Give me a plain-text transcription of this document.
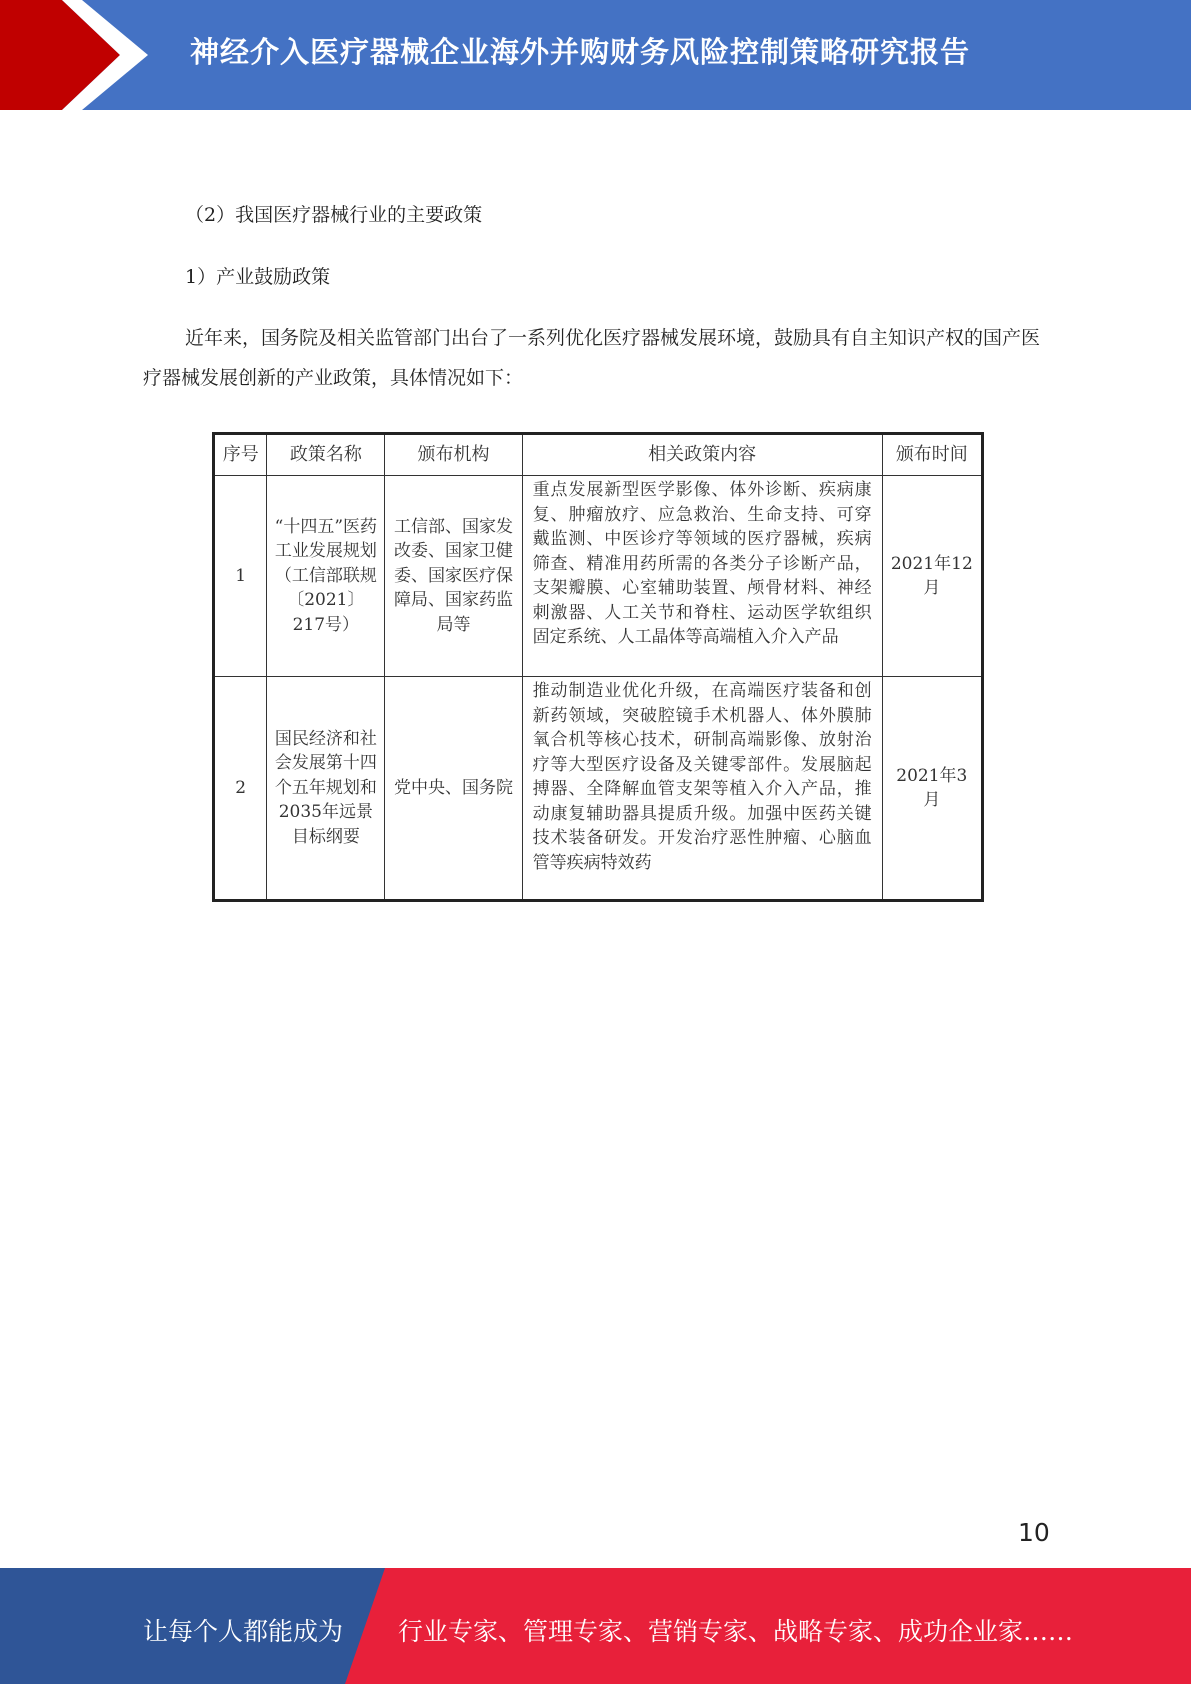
神经介入医疗器械企业海外并购财务风险控制策略研究报告
（2）我国医疗器械行业的主要政策
1）产业鼓励政策
近年来，国务院及相关监管部门出台了一系列优化医疗器械发展环境，鼓励具有自主知识产权的国产医疗器械发展创新的产业政策，具体情况如下：
序号	政策名称	颁布机构	相关政策内容	颁布时间
1	“十四五”医药工业发展规划（工信部联规〔2021〕217号）	工信部、国家发改委、国家卫健委、国家医疗保障局、国家药监局等	重点发展新型医学影像、体外诊断、疾病康复、肿瘤放疗、应急救治、生命支持、可穿戴监测、中医诊疗等领域的医疗器械，疾病筛查、精准用药所需的各类分子诊断产品，支架瓣膜、心室辅助装置、颅骨材料、神经刺激器、人工关节和脊柱、运动医学软组织固定系统、人工晶体等高端植入介入产品	2021年12月
2	国民经济和社会发展第十四个五年规划和2035年远景目标纲要	党中央、国务院	推动制造业优化升级，在高端医疗装备和创新药领域，突破腔镜手术机器人、体外膜肺氧合机等核心技术，研制高端影像、放射治疗等大型医疗设备及关键零部件。发展脑起搏器、全降解血管支架等植入介入产品，推动康复辅助器具提质升级。加强中医药关键技术装备研发。开发治疗恶性肿瘤、心脑血管等疾病特效药	2021年3月
10
让每个人都能成为 行业专家、管理专家、营销专家、战略专家、成功企业家……
